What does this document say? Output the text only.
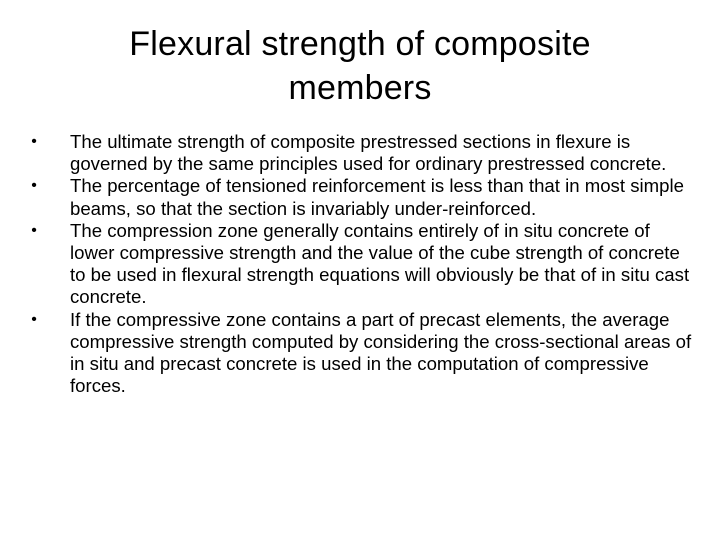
Flexural strength of composite
members
• The ultimate strength of composite prestressed sections in flexure is governed by the same principles used for ordinary prestressed concrete.
• The percentage of tensioned reinforcement is less than that in most simple beams, so that the section is invariably under-reinforced.
• The compression zone generally contains entirely of in situ concrete of lower compressive strength and the value of the cube strength of concrete to be used in flexural strength equations will obviously be that of in situ cast concrete.
• If the compressive zone contains a part of precast elements, the average compressive strength computed by considering the cross-sectional areas of in situ and precast concrete is used in the computation of compressive forces.
